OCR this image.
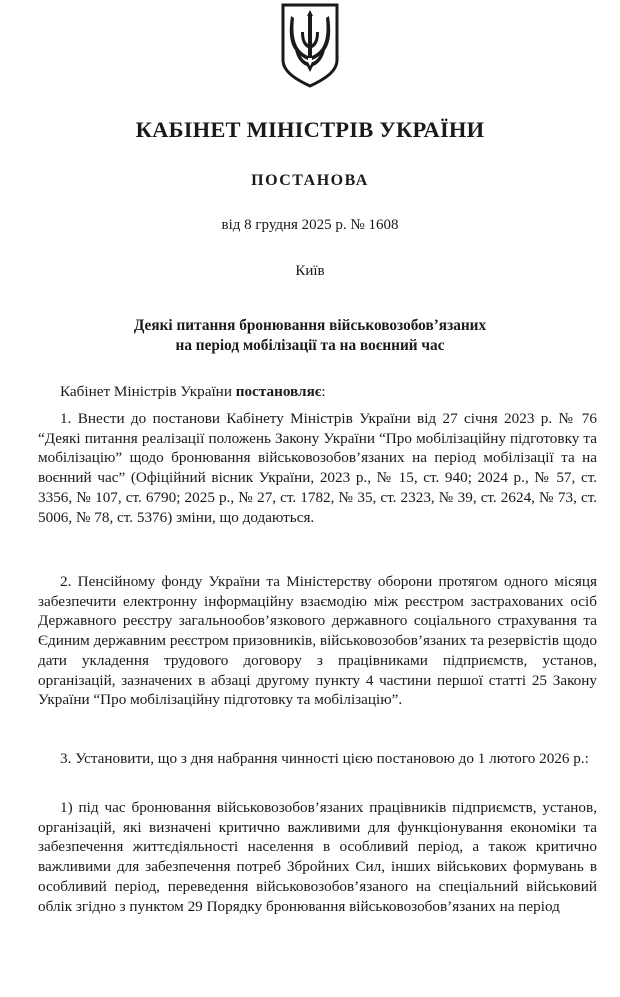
КАБІНЕТ МІНІСТРІВ УКРАЇНИ
ПОСТАНОВА
від 8 грудня 2025 р. № 1608
Київ
Деякі питання бронювання військовозобов’язаних
на період мобілізації та на воєнний час

Кабінет Міністрів України постановляє:

1. Внести до постанови Кабінету Міністрів України від 27 січня 2023 р. № 76 “Деякі питання реалізації положень Закону України “Про мобілізаційну підготовку та мобілізацію” щодо бронювання військовозобов’язаних на період мобілізації та на воєнний час” (Офіційний вісник України, 2023 р., № 15, ст. 940; 2024 р., № 57, ст. 3356, № 107, ст. 6790; 2025 р., № 27, ст. 1782, № 35, ст. 2323, № 39, ст. 2624, № 73, ст. 5006, № 78, ст. 5376) зміни, що додаються.

2. Пенсійному фонду України та Міністерству оборони протягом одного місяця забезпечити електронну інформаційну взаємодію між реєстром застрахованих осіб Державного реєстру загальнообов’язкового державного соціального страхування та Єдиним державним реєстром призовників, військовозобов’язаних та резервістів щодо дати укладення трудового договору з працівниками підприємств, установ, організацій, зазначених в абзаці другому пункту 4 частини першої статті 25 Закону України “Про мобілізаційну підготовку та мобілізацію”.

3. Установити, що з дня набрання чинності цією постановою до 1 лютого 2026 р.:

1) під час бронювання військовозобов’язаних працівників підприємств, установ, організацій, які визначені критично важливими для функціонування економіки та забезпечення життєдіяльності населення в особливий період, а також критично важливими для забезпечення потреб Збройних Сил, інших військових формувань в особливий період, переведення військовозобов’язаного на спеціальний військовий облік згідно з пунктом 29 Порядку бронювання військовозобов’язаних на період
